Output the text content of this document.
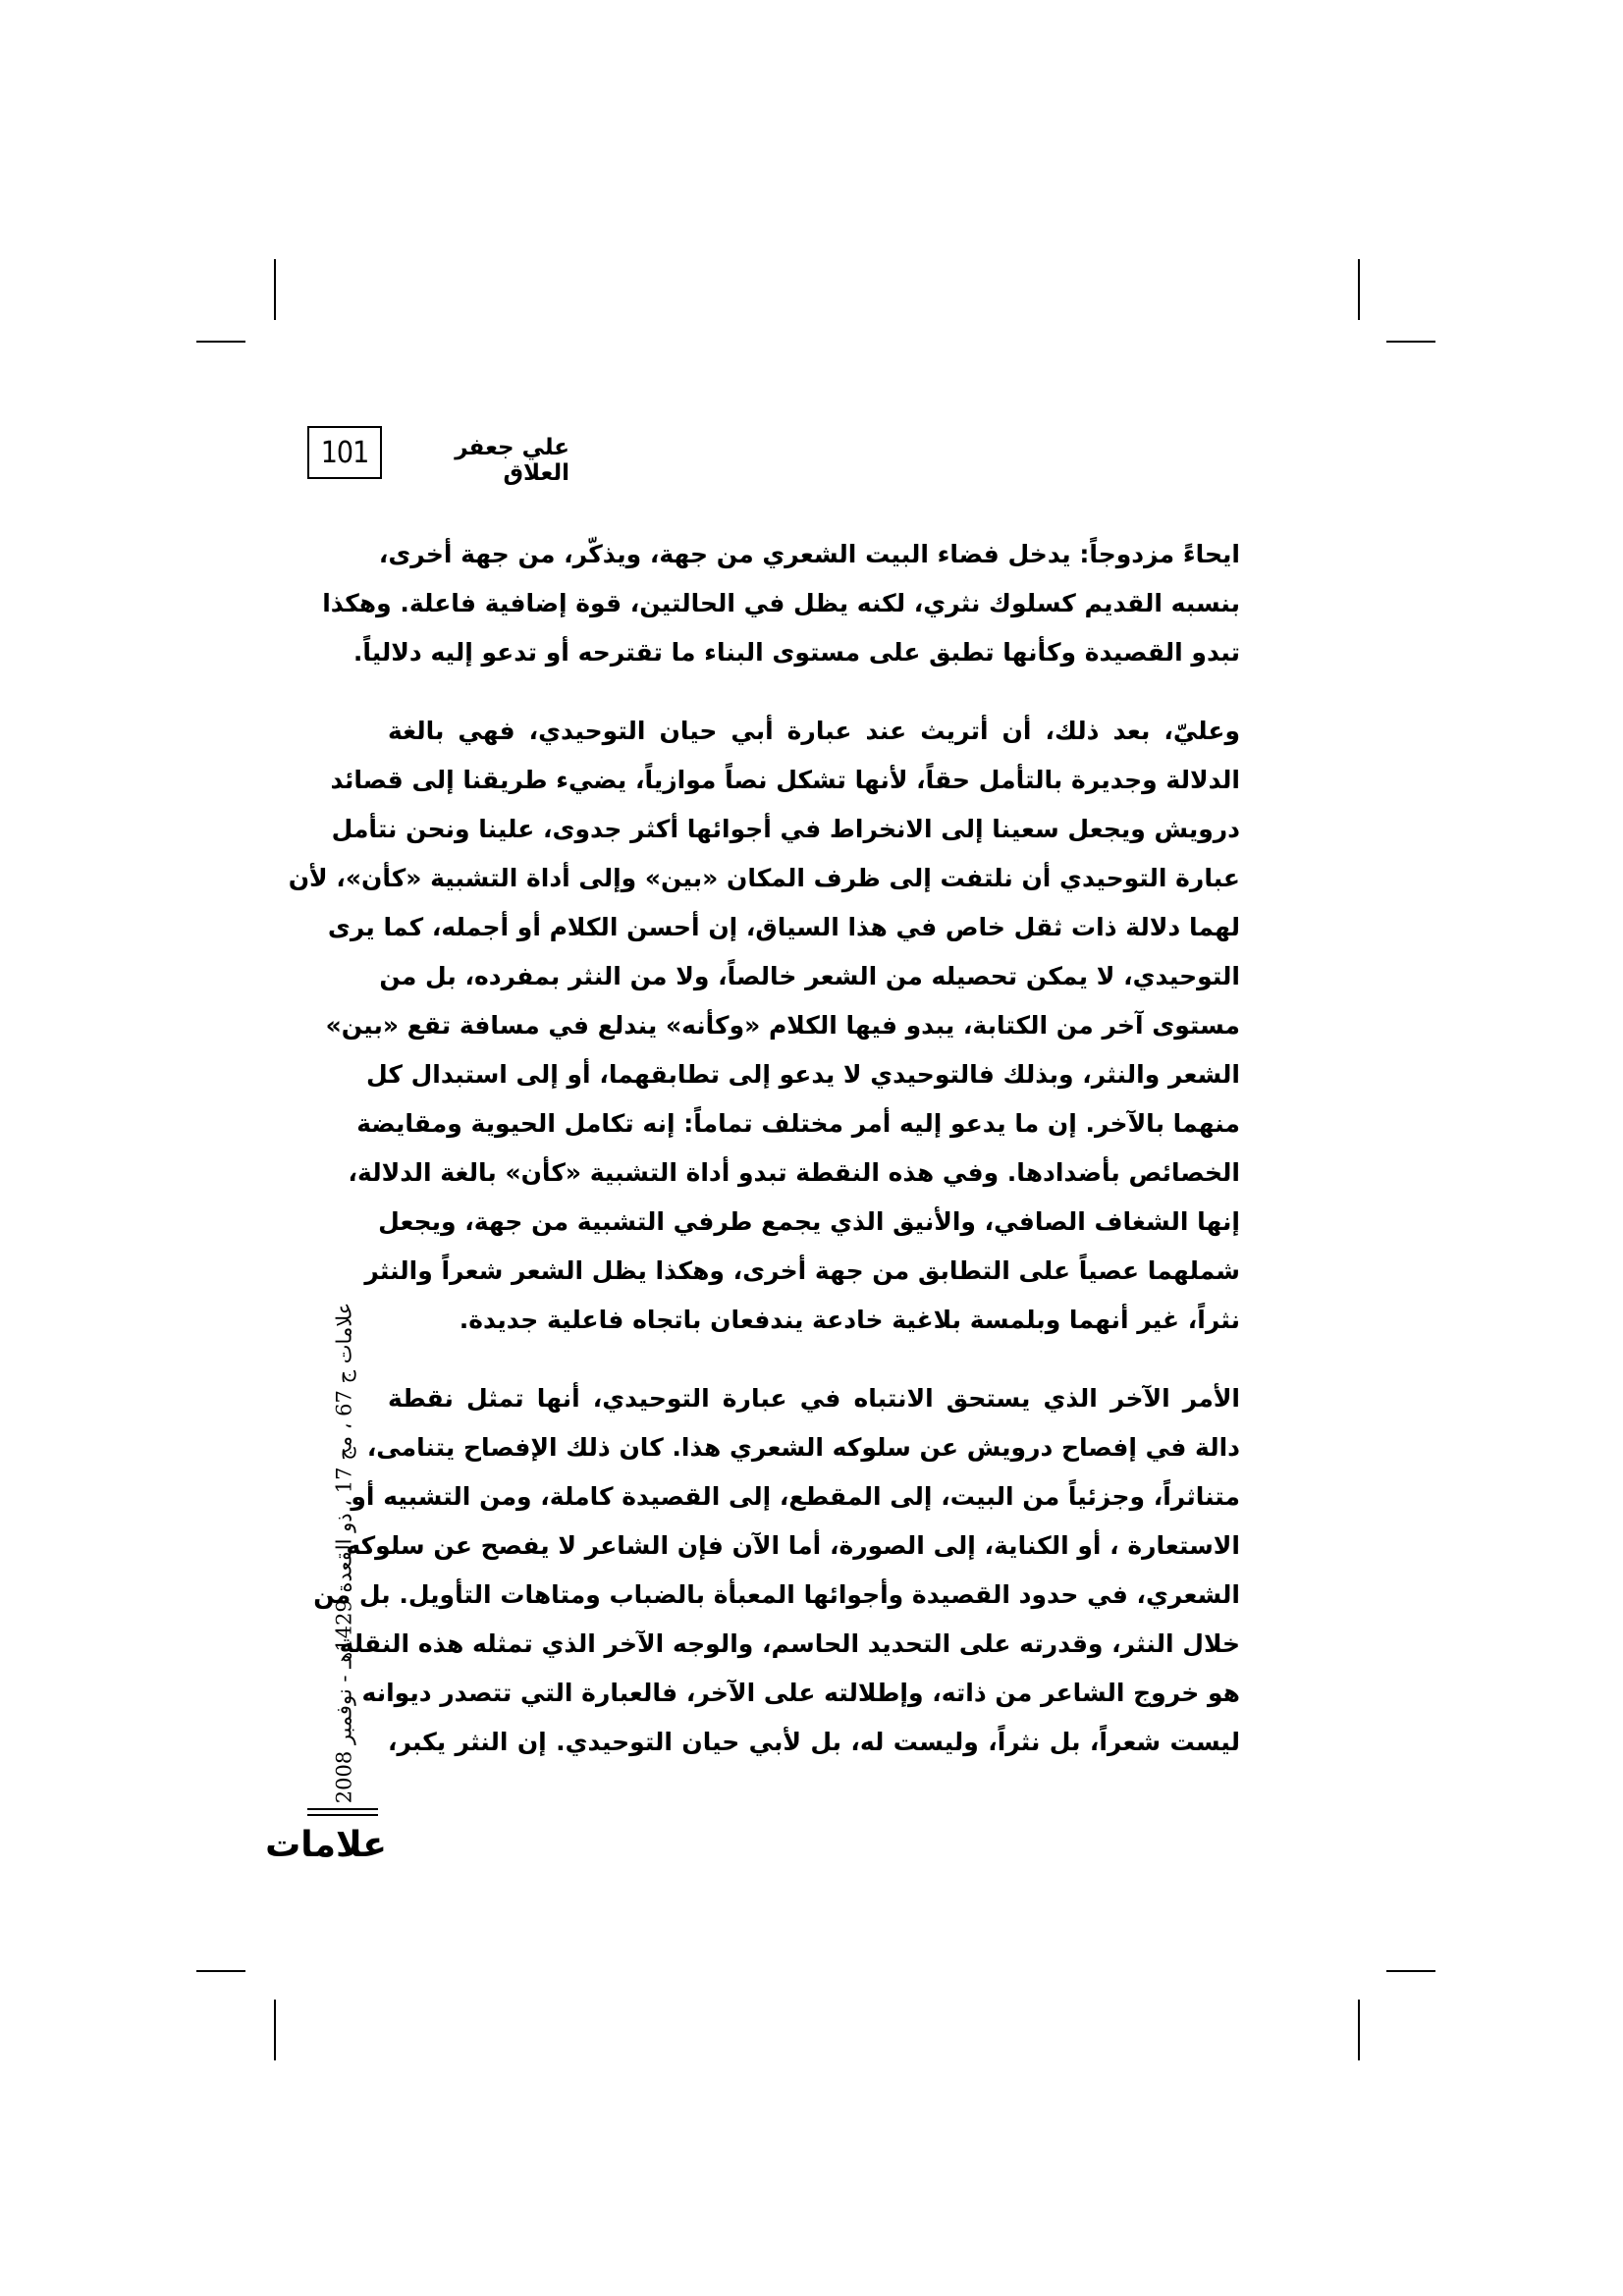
101	علي جعفر العلاق
ايحاءً مزدوجاً: يدخل فضاء البيت الشعري من جهة، ويذكّر، من جهة أخرى،
بنسبه القديم كسلوك نثري، لكنه يظل في الحالتين، قوة إضافية فاعلة. وهكذا
تبدو القصيدة وكأنها تطبق على مستوى البناء ما تقترحه أو تدعو إليه دلالياً.
وعليّ، بعد ذلك، أن أتريث عند عبارة أبي حيان التوحيدي، فهي بالغة
الدلالة وجديرة بالتأمل حقاً، لأنها تشكل نصاً موازياً، يضيء طريقنا إلى قصائد
درويش ويجعل سعينا إلى الانخراط في أجوائها أكثر جدوى، علينا ونحن نتأمل
عبارة التوحيدي أن نلتفت إلى ظرف المكان «بين» وإلى أداة التشبية «كأن»، لأن
لهما دلالة ذات ثقل خاص في هذا السياق، إن أحسن الكلام أو أجمله، كما يرى
التوحيدي، لا يمكن تحصيله من الشعر خالصاً، ولا من النثر بمفرده، بل من
مستوى آخر من الكتابة، يبدو فيها الكلام «وكأنه» يندلع في مسافة تقع «بين»
الشعر والنثر، وبذلك فالتوحيدي لا يدعو إلى تطابقهما، أو إلى استبدال كل
منهما بالآخر. إن ما يدعو إليه أمر مختلف تماماً: إنه تكامل الحيوية ومقايضة
الخصائص بأضدادها. وفي هذه النقطة تبدو أداة التشبية «كأن» بالغة الدلالة،
إنها الشغاف الصافي، والأنيق الذي يجمع طرفي التشبية من جهة، ويجعل
شملهما عصياً على التطابق من جهة أخرى، وهكذا يظل الشعر شعراً والنثر
نثراً، غير أنهما وبلمسة بلاغية خادعة يندفعان باتجاه فاعلية جديدة.
الأمر الآخر الذي يستحق الانتباه في عبارة التوحيدي، أنها تمثل نقطة
دالة في إفصاح درويش عن سلوكه الشعري هذا. كان ذلك الإفصاح يتنامى،
متناثراً، وجزئياً من البيت، إلى المقطع، إلى القصيدة كاملة، ومن التشبيه أو
الاستعارة ، أو الكناية، إلى الصورة، أما الآن فإن الشاعر لا يفصح عن سلوكه
الشعري، في حدود القصيدة وأجوائها المعبأة بالضباب ومتاهات التأويل. بل من
خلال النثر، وقدرته على التحديد الحاسم، والوجه الآخر الذي تمثله هذه النقلة
هو خروج الشاعر من ذاته، وإطلالته على الآخر، فالعبارة التي تتصدر ديوانه
ليست شعراً، بل نثراً، وليست له، بل لأبي حيان التوحيدي. إن النثر يكبر،
علامات ج 67 ، مج 17 ، ذو القعدة 1429هـ - نوفمبر 2008
علامات
